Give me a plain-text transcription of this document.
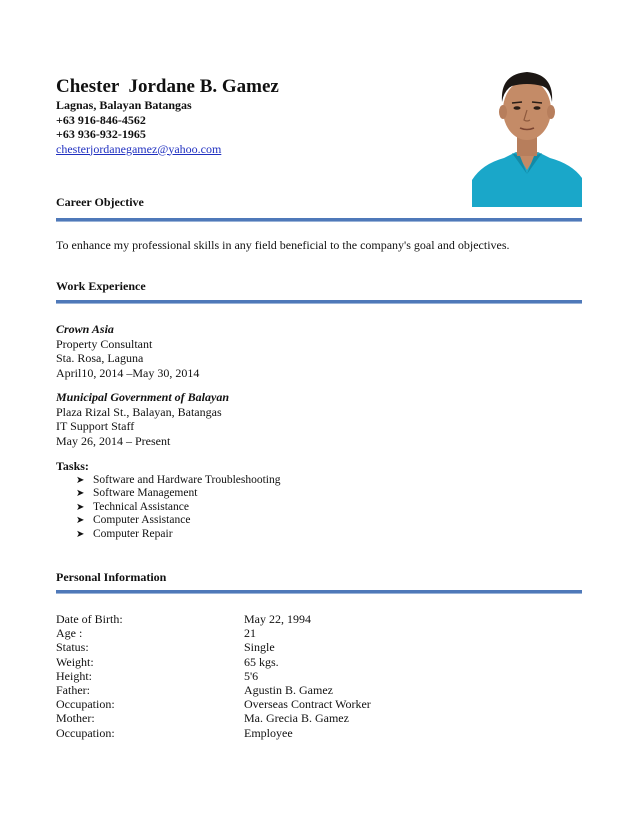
Chester  Jordane B. Gamez
Lagnas, Balayan Batangas
+63 916-846-4562
+63 936-932-1965
chesterjordanegamez@yahoo.com
Career Objective
To enhance my professional skills in any field beneficial to the company's goal and objectives.
Work Experience
Crown Asia
Property Consultant
Sta. Rosa, Laguna
April10, 2014 –May 30, 2014
Municipal Government of Balayan
Plaza Rizal St., Balayan, Batangas
IT Support Staff
May 26, 2014 – Present
Tasks:
➤ Software and Hardware Troubleshooting
➤ Software Management
➤ Technical Assistance
➤ Computer Assistance
➤ Computer Repair
Personal Information
Date of Birth:	May 22, 1994
Age :	21
Status:	Single
Weight:	65 kgs.
Height:	5'6
Father:	Agustin B. Gamez
Occupation:	Overseas Contract Worker
Mother:	Ma. Grecia B. Gamez
Occupation:	Employee
